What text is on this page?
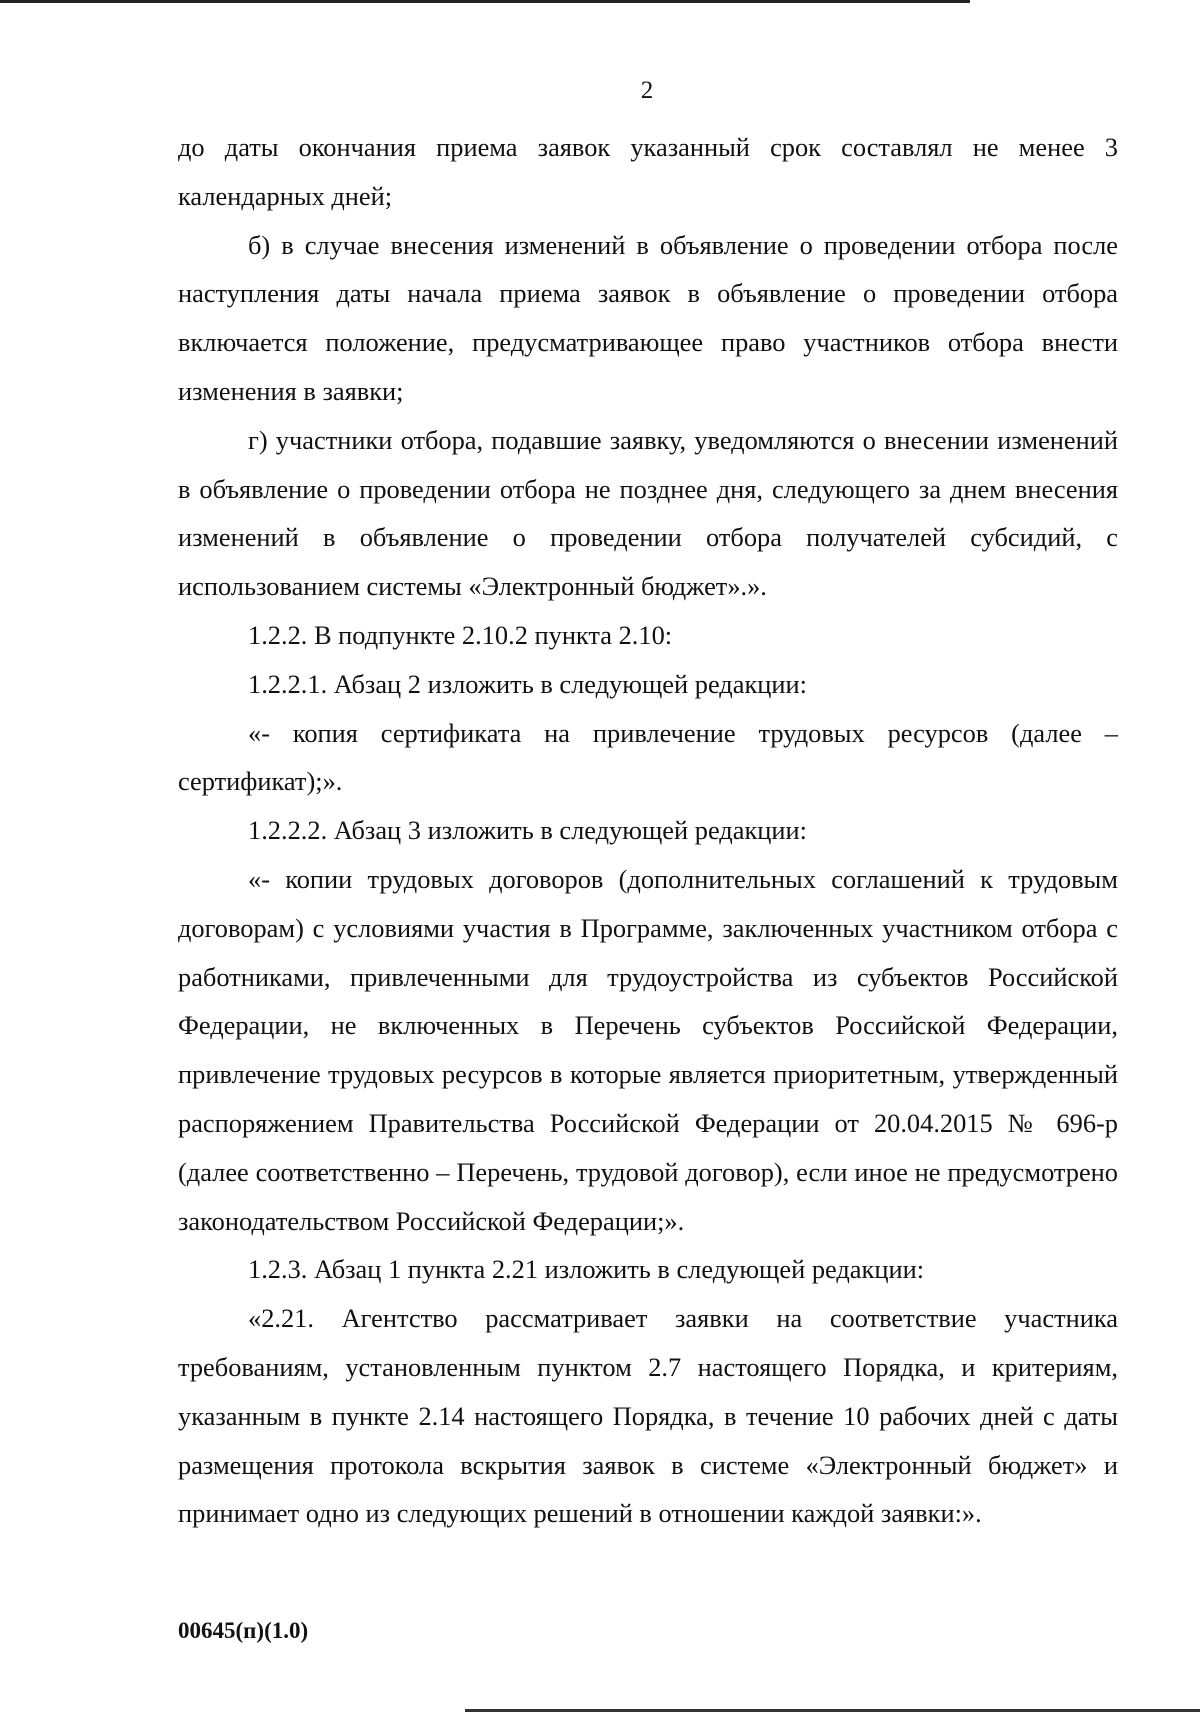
2

до даты окончания приема заявок указанный срок составлял не менее 3 календарных дней;

б) в случае внесения изменений в объявление о проведении отбора после наступления даты начала приема заявок в объявление о проведении отбора включается положение, предусматривающее право участников отбора внести изменения в заявки;

г) участники отбора, подавшие заявку, уведомляются о внесении изменений в объявление о проведении отбора не позднее дня, следующего за днем внесения изменений в объявление о проведении отбора получателей субсидий, с использованием системы «Электронный бюджет».».

1.2.2. В подпункте 2.10.2 пункта 2.10:

1.2.2.1. Абзац 2 изложить в следующей редакции:

«- копия сертификата на привлечение трудовых ресурсов (далее – сертификат);».

1.2.2.2. Абзац 3 изложить в следующей редакции:

«- копии трудовых договоров (дополнительных соглашений к трудовым договорам) с условиями участия в Программе, заключенных участником отбора с работниками, привлеченными для трудоустройства из субъектов Российской Федерации, не включенных в Перечень субъектов Российской Федерации, привлечение трудовых ресурсов в которые является приоритетным, утвержденный распоряжением Правительства Российской Федерации от 20.04.2015 № 696-р (далее соответственно – Перечень, трудовой договор), если иное не предусмотрено законодательством Российской Федерации;».

1.2.3. Абзац 1 пункта 2.21 изложить в следующей редакции:

«2.21. Агентство рассматривает заявки на соответствие участника требованиям, установленным пунктом 2.7 настоящего Порядка, и критериям, указанным в пункте 2.14 настоящего Порядка, в течение 10 рабочих дней с даты размещения протокола вскрытия заявок в системе «Электронный бюджет» и принимает одно из следующих решений в отношении каждой заявки:».

00645(п)(1.0)
